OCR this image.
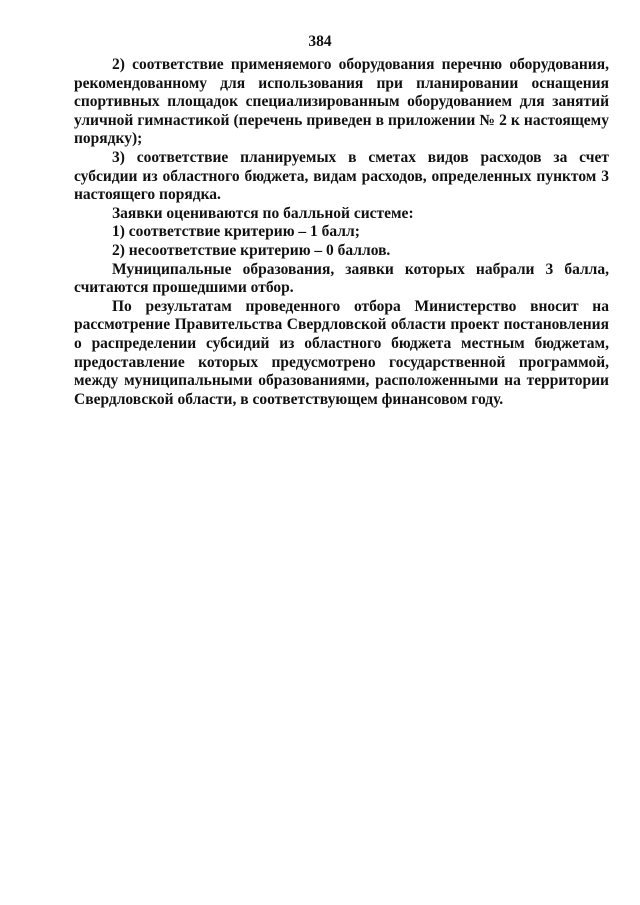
384

2) соответствие применяемого оборудования перечню оборудования, рекомендованному для использования при планировании оснащения спортивных площадок специализированным оборудованием для занятий уличной гимнастикой (перечень приведен в приложении № 2 к настоящему порядку);

3) соответствие планируемых в сметах видов расходов за счет субсидии из областного бюджета, видам расходов, определенных пунктом 3 настоящего порядка.

Заявки оцениваются по балльной системе:

1) соответствие критерию – 1 балл;

2) несоответствие критерию – 0 баллов.

Муниципальные образования, заявки которых набрали 3 балла, считаются прошедшими отбор.

По результатам проведенного отбора Министерство вносит на рассмотрение Правительства Свердловской области проект постановления о распределении субсидий из областного бюджета местным бюджетам, предоставление которых предусмотрено государственной программой, между муниципальными образованиями, расположенными на территории Свердловской области, в соответствующем финансовом году.
